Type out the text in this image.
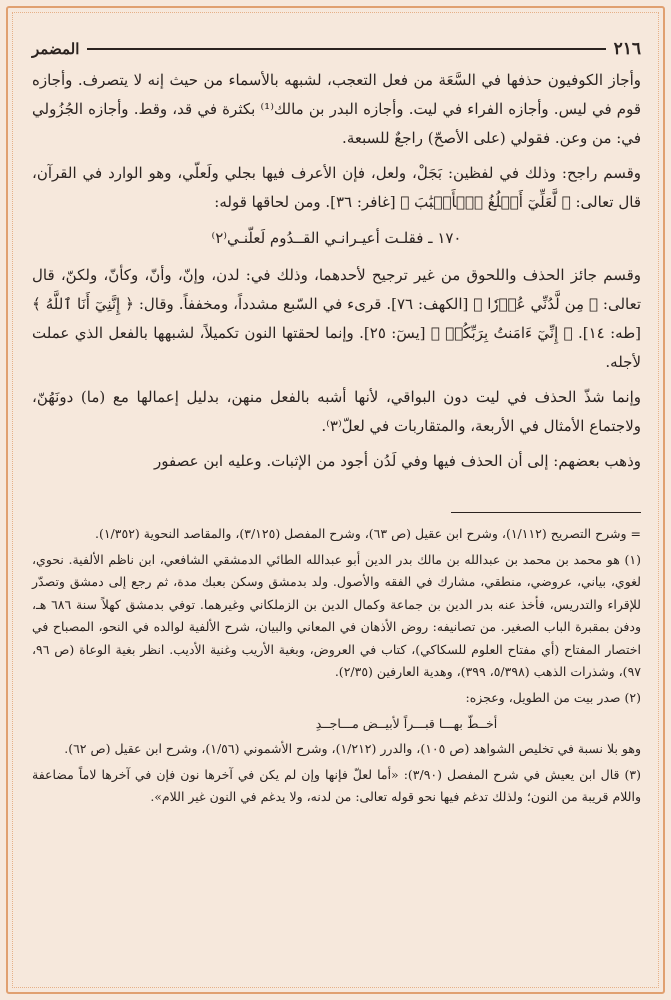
٢١٦
المضمر

وأجاز الكوفيون حذفها في السَّعَة من فعل التعجب، لشبهه بالأسماء من حيث إنه لا يتصرف. وأجازه قوم في ليس. وأجازه الفراء في ليت. وأجازه البدر بن مالك⁽¹⁾ بكثرة في قد، وقط. وأجازه الجُزُولي في: من وعن. فقولي (على الأصحّ) راجعٌ للسبعة.

وقسم راجح: وذلك في لفظين: بَجَلْ، ولعل، فإن الأعرف فيها بجلي ولَعلّي، وهو الوارد في القرآن، قال تعالى: ﴿ لَّعَلِّيٓ أَبۡلُغُ ٱلۡأَسۡبَٰبَ ﴾ [غافر: ٣٦]. ومن لحاقها قوله:

١٧٠ ـ فقلـت أعيـرانـي القــدُوم لَعلّنـي⁽٢⁾

وقسم جائز الحذف واللحوق من غير ترجيح لأحدهما، وذلك في: لدن، وإنّ، وأنّ، وكأنّ، ولكنّ، قال تعالى: ﴿ مِن لَّدُنِّي عُذۡرٗا ﴾ [الكهف: ٧٦]. قرىء في السّبع مشدداً، ومخففاً. وقال: ﴿ إِنَّنِيٓ أَنَا ٱللَّهُ ﴾ [طه: ١٤]. ﴿ إِنِّيٓ ءَامَنتُ بِرَبِّكُمۡ ﴾ [يسٓ: ٢٥]. وإنما لحقتها النون تكميلاً، لشبهها بالفعل الذي عملت لأجله.

وإنما شذّ الحذف في ليت دون البواقي، لأنها أشبه بالفعل منهن، بدليل إعمالها مع (ما) دونَهُنّ، ولاجتماع الأمثال في الأربعة، والمتقاربات في لعلّ⁽٣⁾.

وذهب بعضهم: إلى أن الحذف فيها وفي لَدُن أجود من الإثبات. وعليه ابن عصفور

= وشرح التصريح (١/١١٢)، وشرح ابن عقيل (ص ٦٣)، وشرح المفصل (٣/١٢٥)، والمقاصد النحوية (١/٣٥٢).

(١) هو محمد بن محمد بن عبدالله بن مالك بدر الدين أبو عبدالله الطائي الدمشقي الشافعي، ابن ناظم الألفية. نحوي، لغوي، بياني، عروضي، منطقي، مشارك في الفقه والأصول. ولد بدمشق وسكن بعبك مدة، ثم رجع إلى دمشق وتصدّر للإقراء والتدريس، فأخذ عنه بدر الدين بن جماعة وكمال الدين بن الزملكاني وغيرهما. توفي بدمشق كهلاً سنة ٦٨٦ هـ، ودفن بمقبرة الباب الصغير. من تصانيفه: روض الأذهان في المعاني والبيان، شرح الألفية لوالده في النحو، المصباح في اختصار المفتاح (أي مفتاح العلوم للسكاكي)، كتاب في العروض، وبغية الأريب وغنية الأديب. انظر بغية الوعاة (ص ٩٦، ٩٧)، وشذرات الذهب (٥/٣٩٨، ٣٩٩)، وهدية العارفين (٢/٣٥).

(٢) صدر بيت من الطويل، وعجزه:

أخــطّ بهـــا قبـــراً لأبيــض مـــاجــدِ

وهو بلا نسبة في تخليص الشواهد (ص ١٠٥)، والدرر (١/٢١٢)، وشرح الأشموني (١/٥٦)، وشرح ابن عقيل (ص ٦٢).

(٣) قال ابن يعيش في شرح المفصل (٣/٩٠): «أما لعلّ فإنها وإن لم يكن في آخرها نون فإن في آخرها لاماً مضاعفة واللام قريبة من النون؛ ولذلك تدغم فيها نحو قوله تعالى: من لدنه، ولا يدغم في النون غير اللام».
